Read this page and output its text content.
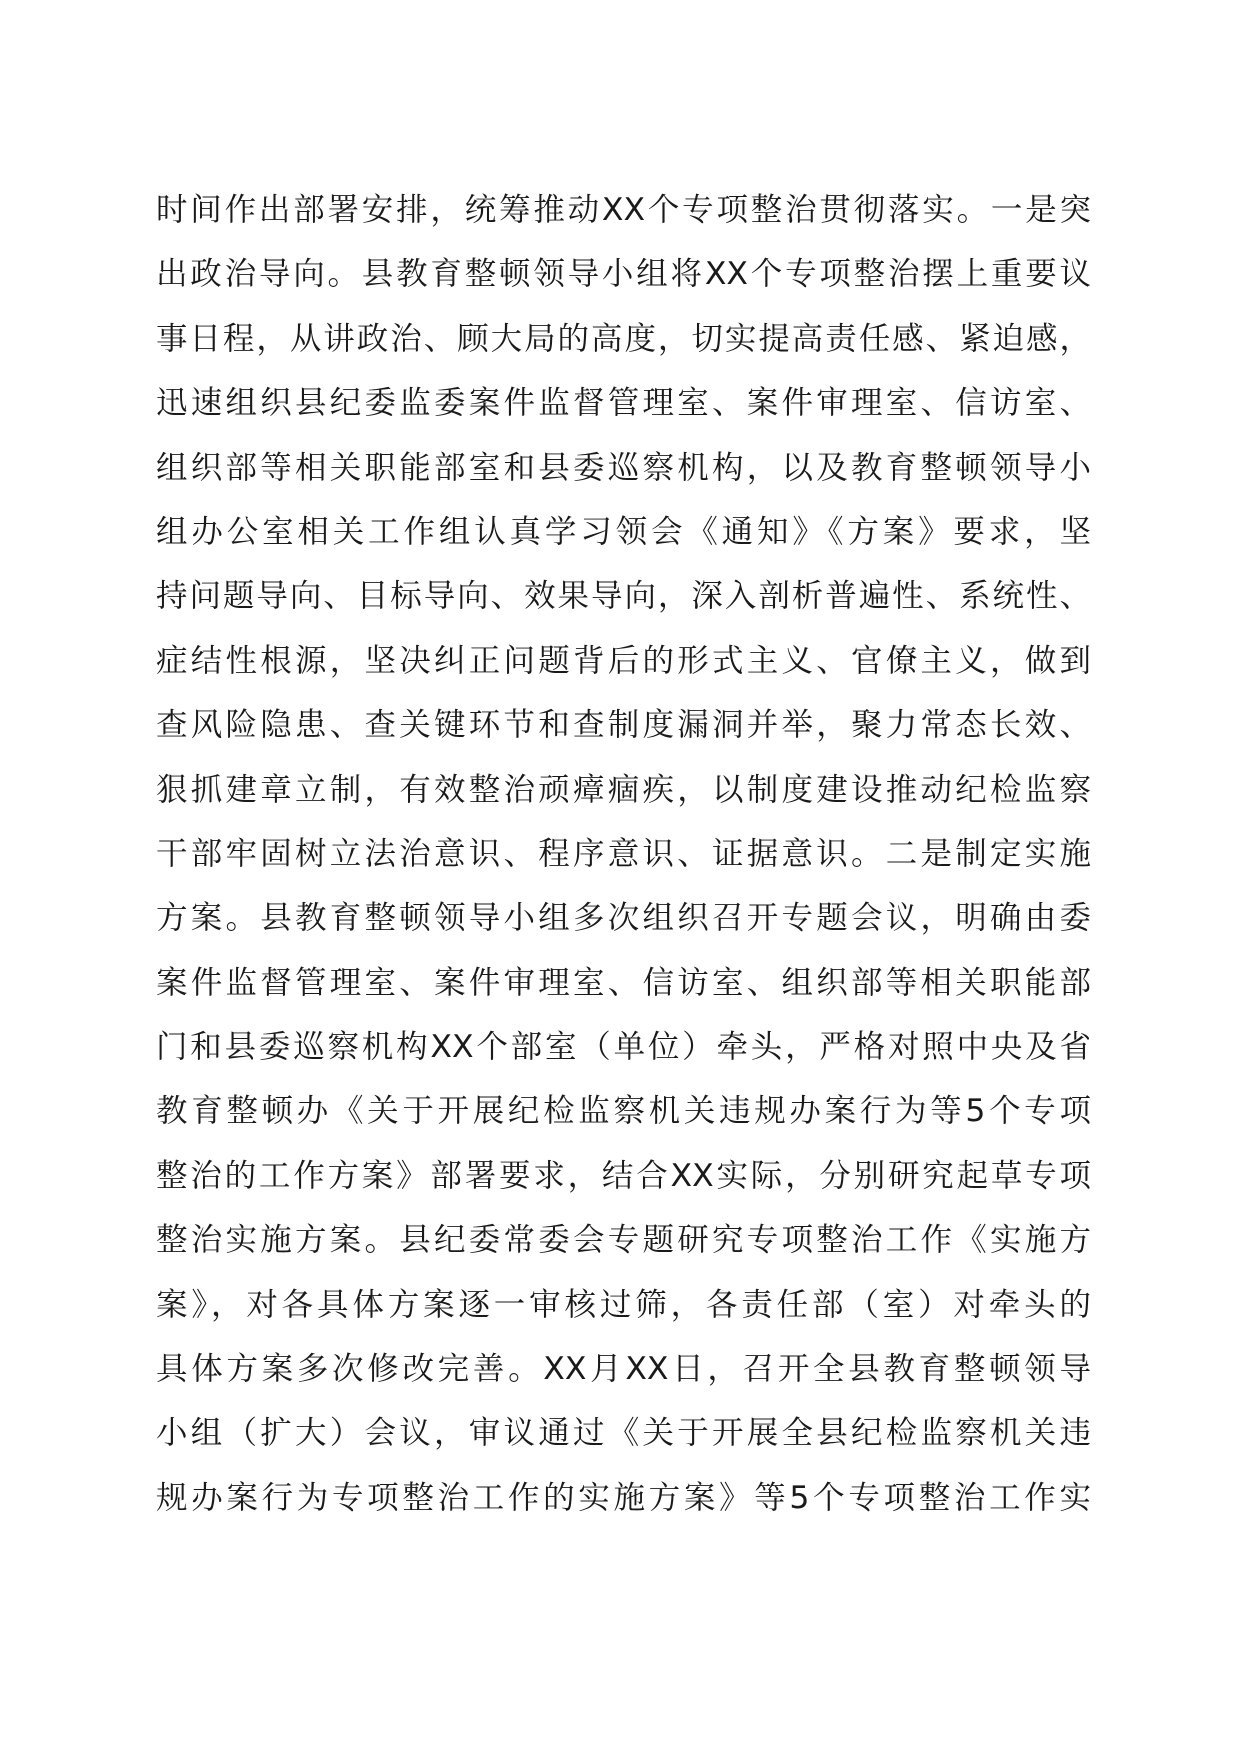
时间作出部署安排，统筹推动XX个专项整治贯彻落实。一是突
出政治导向。县教育整顿领导小组将XX个专项整治摆上重要议
事日程，从讲政治、顾大局的高度，切实提高责任感、紧迫感，
迅速组织县纪委监委案件监督管理室、案件审理室、信访室、
组织部等相关职能部室和县委巡察机构，以及教育整顿领导小
组办公室相关工作组认真学习领会《通知》《方案》要求，坚
持问题导向、目标导向、效果导向，深入剖析普遍性、系统性、
症结性根源，坚决纠正问题背后的形式主义、官僚主义，做到
查风险隐患、查关键环节和查制度漏洞并举，聚力常态长效、
狠抓建章立制，有效整治顽瘴痼疾，以制度建设推动纪检监察
干部牢固树立法治意识、程序意识、证据意识。二是制定实施
方案。县教育整顿领导小组多次组织召开专题会议，明确由委
案件监督管理室、案件审理室、信访室、组织部等相关职能部
门和县委巡察机构XX个部室（单位）牵头，严格对照中央及省
教育整顿办《关于开展纪检监察机关违规办案行为等5个专项
整治的工作方案》部署要求，结合XX实际，分别研究起草专项
整治实施方案。县纪委常委会专题研究专项整治工作《实施方
案》，对各具体方案逐一审核过筛，各责任部（室）对牵头的
具体方案多次修改完善。XX月XX日，召开全县教育整顿领导
小组（扩大）会议，审议通过《关于开展全县纪检监察机关违
规办案行为专项整治工作的实施方案》等5个专项整治工作实
